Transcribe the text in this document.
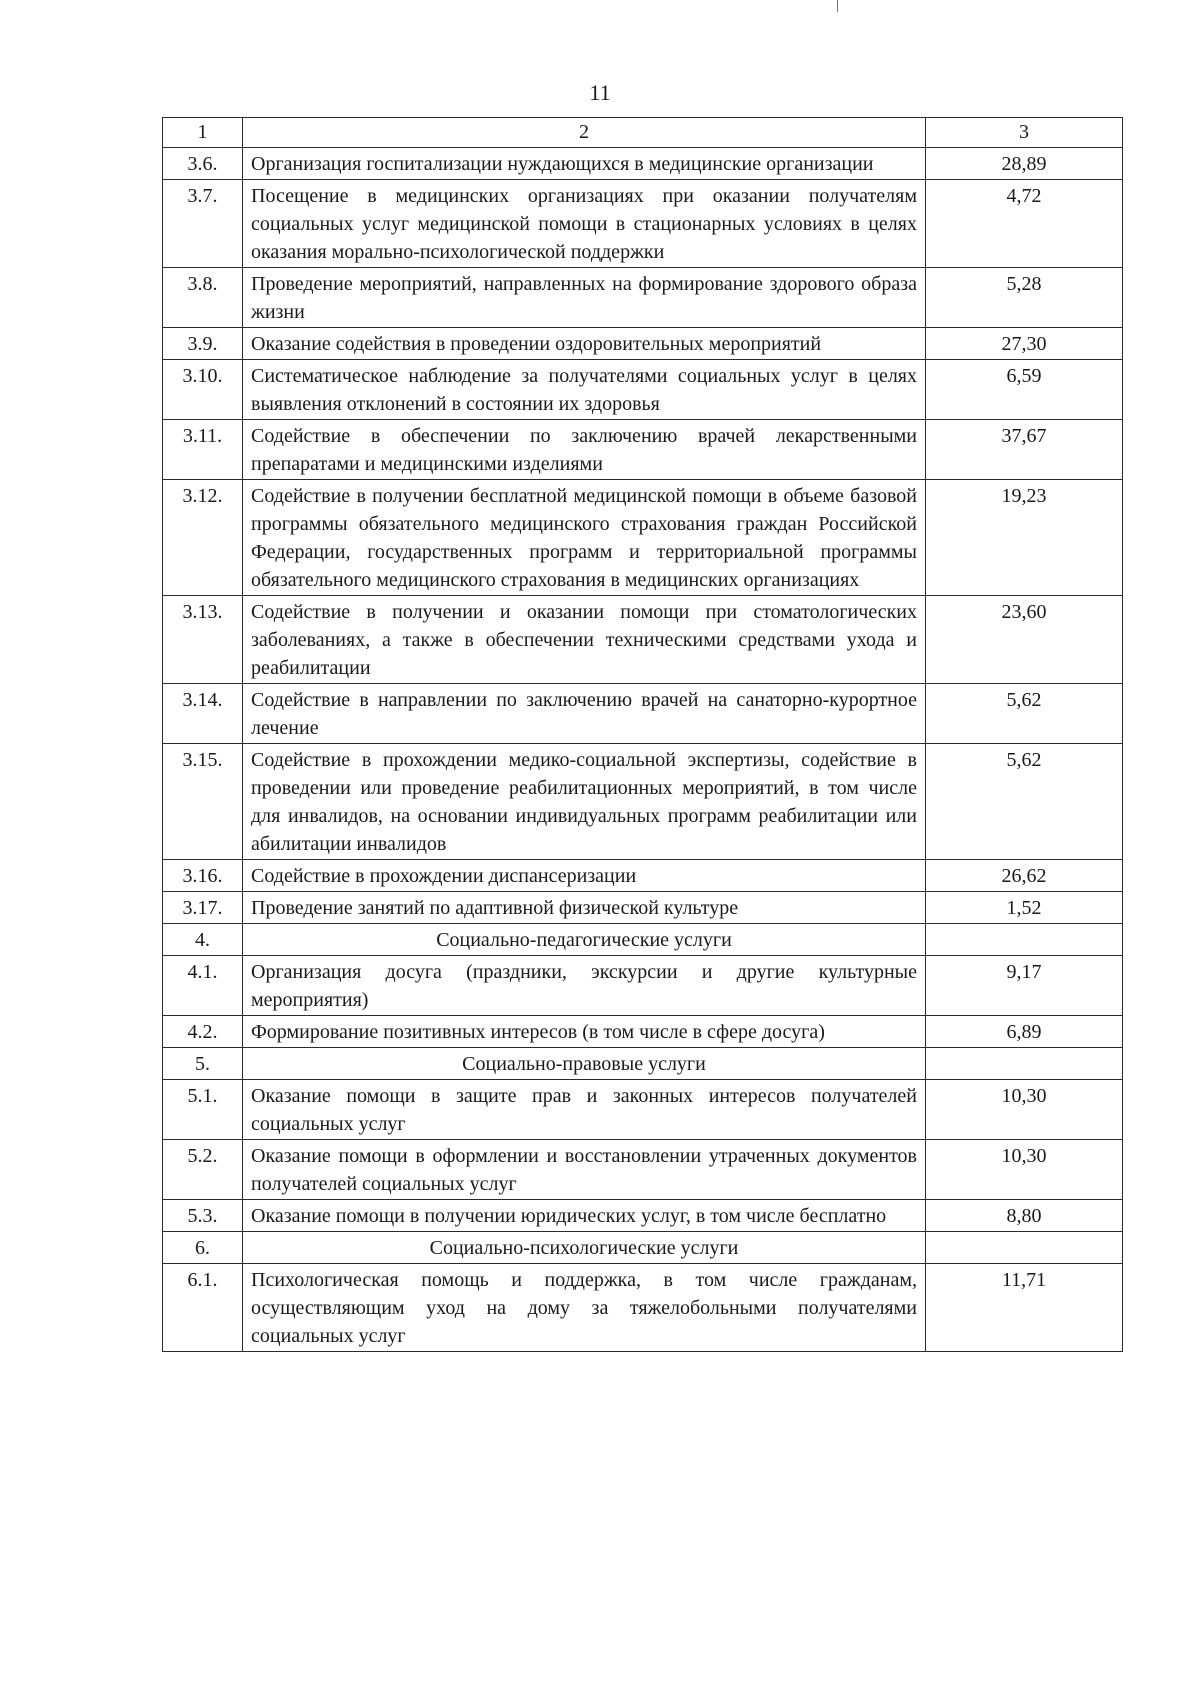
11
1	2	3
3.6.	Организация госпитализации нуждающихся в медицинские организации	28,89
3.7.	Посещение в медицинских организациях при оказании получателям социальных услуг медицинской помощи в стационарных условиях в целях оказания морально-психологической поддержки	4,72
3.8.	Проведение мероприятий, направленных на формирование здорового образа жизни	5,28
3.9.	Оказание содействия в проведении оздоровительных мероприятий	27,30
3.10.	Систематическое наблюдение за получателями социальных услуг в целях выявления отклонений в состоянии их здоровья	6,59
3.11.	Содействие в обеспечении по заключению врачей лекарственными препаратами и медицинскими изделиями	37,67
3.12.	Содействие в получении бесплатной медицинской помощи в объеме базовой программы обязательного медицинского страхования граждан Российской Федерации, государственных программ и территориальной программы обязательного медицинского страхования в медицинских организациях	19,23
3.13.	Содействие в получении и оказании помощи при стоматологических заболеваниях, а также в обеспечении техническими средствами ухода и реабилитации	23,60
3.14.	Содействие в направлении по заключению врачей на санаторно-курортное лечение	5,62
3.15.	Содействие в прохождении медико-социальной экспертизы, содействие в проведении или проведение реабилитационных мероприятий, в том числе для инвалидов, на основании индивидуальных программ реабилитации или абилитации инвалидов	5,62
3.16.	Содействие в прохождении диспансеризации	26,62
3.17.	Проведение занятий по адаптивной физической культуре	1,52
4.	Социально-педагогические услуги	
4.1.	Организация досуга (праздники, экскурсии и другие культурные мероприятия)	9,17
4.2.	Формирование позитивных интересов (в том числе в сфере досуга)	6,89
5.	Социально-правовые услуги	
5.1.	Оказание помощи в защите прав и законных интересов получателей социальных услуг	10,30
5.2.	Оказание помощи в оформлении и восстановлении утраченных документов получателей социальных услуг	10,30
5.3.	Оказание помощи в получении юридических услуг, в том числе бесплатно	8,80
6.	Социально-психологические услуги	
6.1.	Психологическая помощь и поддержка, в том числе гражданам, осуществляющим уход на дому за тяжелобольными получателями социальных услуг	11,71
